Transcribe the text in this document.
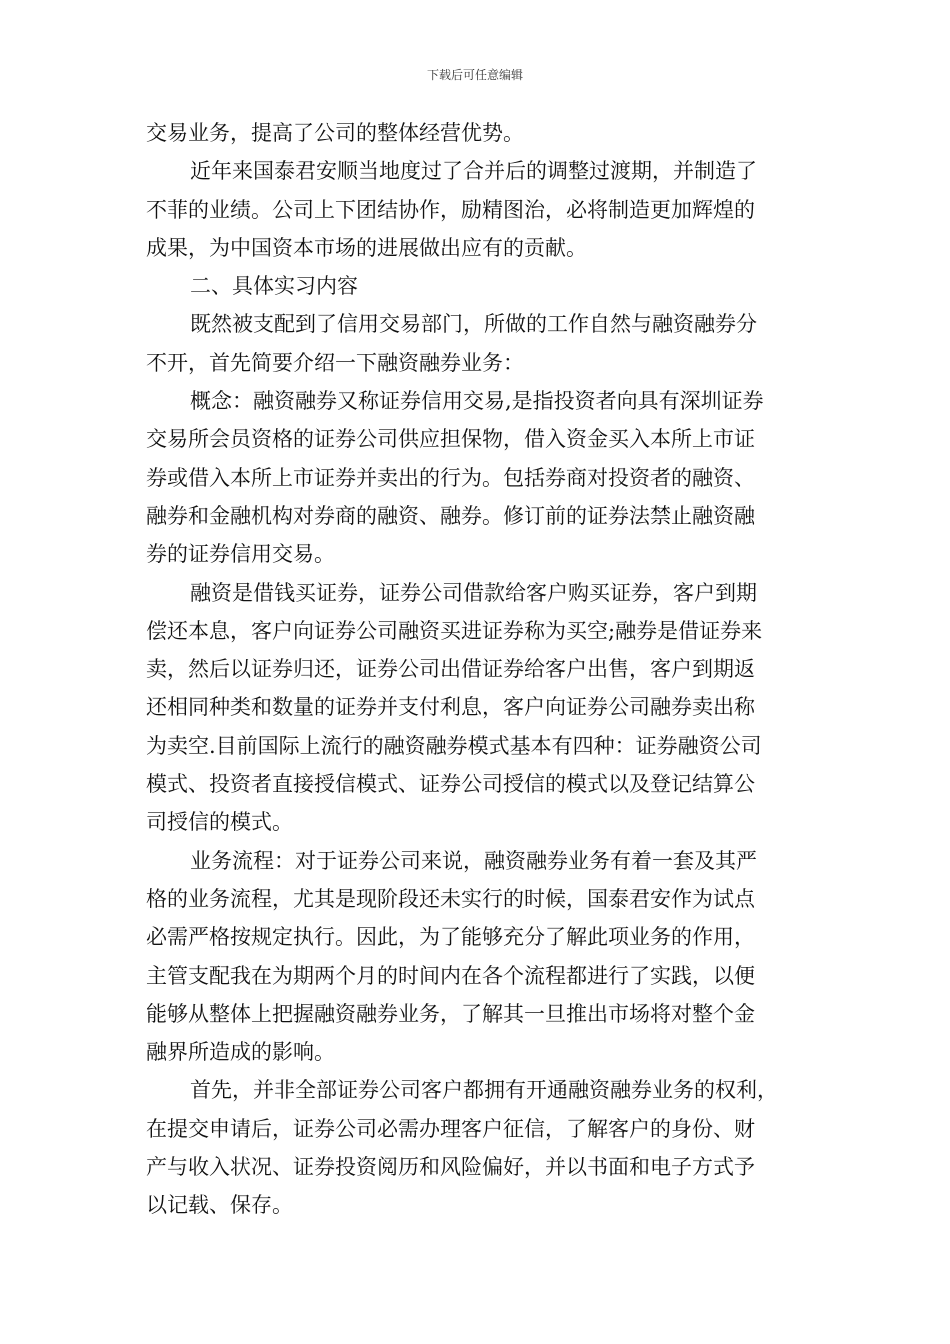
下载后可任意编辑
交易业务，提高了公司的整体经营优势。
近年来国泰君安顺当地度过了合并后的调整过渡期，并制造了
不菲的业绩。公司上下团结协作，励精图治，必将制造更加辉煌的
成果，为中国资本市场的进展做出应有的贡献。
二、具体实习内容
既然被支配到了信用交易部门，所做的工作自然与融资融券分
不开，首先简要介绍一下融资融券业务：
概念：融资融券又称证券信用交易,是指投资者向具有深圳证券
交易所会员资格的证券公司供应担保物，借入资金买入本所上市证
券或借入本所上市证券并卖出的行为。包括券商对投资者的融资、
融券和金融机构对券商的融资、融券。修订前的证券法禁止融资融
券的证券信用交易。
融资是借钱买证券，证券公司借款给客户购买证券，客户到期
偿还本息，客户向证券公司融资买进证券称为买空;融券是借证券来
卖，然后以证券归还，证券公司出借证券给客户出售，客户到期返
还相同种类和数量的证券并支付利息，客户向证券公司融券卖出称
为卖空.目前国际上流行的融资融券模式基本有四种：证券融资公司
模式、投资者直接授信模式、证券公司授信的模式以及登记结算公
司授信的模式。
业务流程：对于证券公司来说，融资融券业务有着一套及其严
格的业务流程，尤其是现阶段还未实行的时候，国泰君安作为试点
必需严格按规定执行。因此，为了能够充分了解此项业务的作用，
主管支配我在为期两个月的时间内在各个流程都进行了实践，以便
能够从整体上把握融资融券业务，了解其一旦推出市场将对整个金
融界所造成的影响。
首先，并非全部证券公司客户都拥有开通融资融券业务的权利，
在提交申请后，证券公司必需办理客户征信，了解客户的身份、财
产与收入状况、证券投资阅历和风险偏好，并以书面和电子方式予
以记载、保存。
